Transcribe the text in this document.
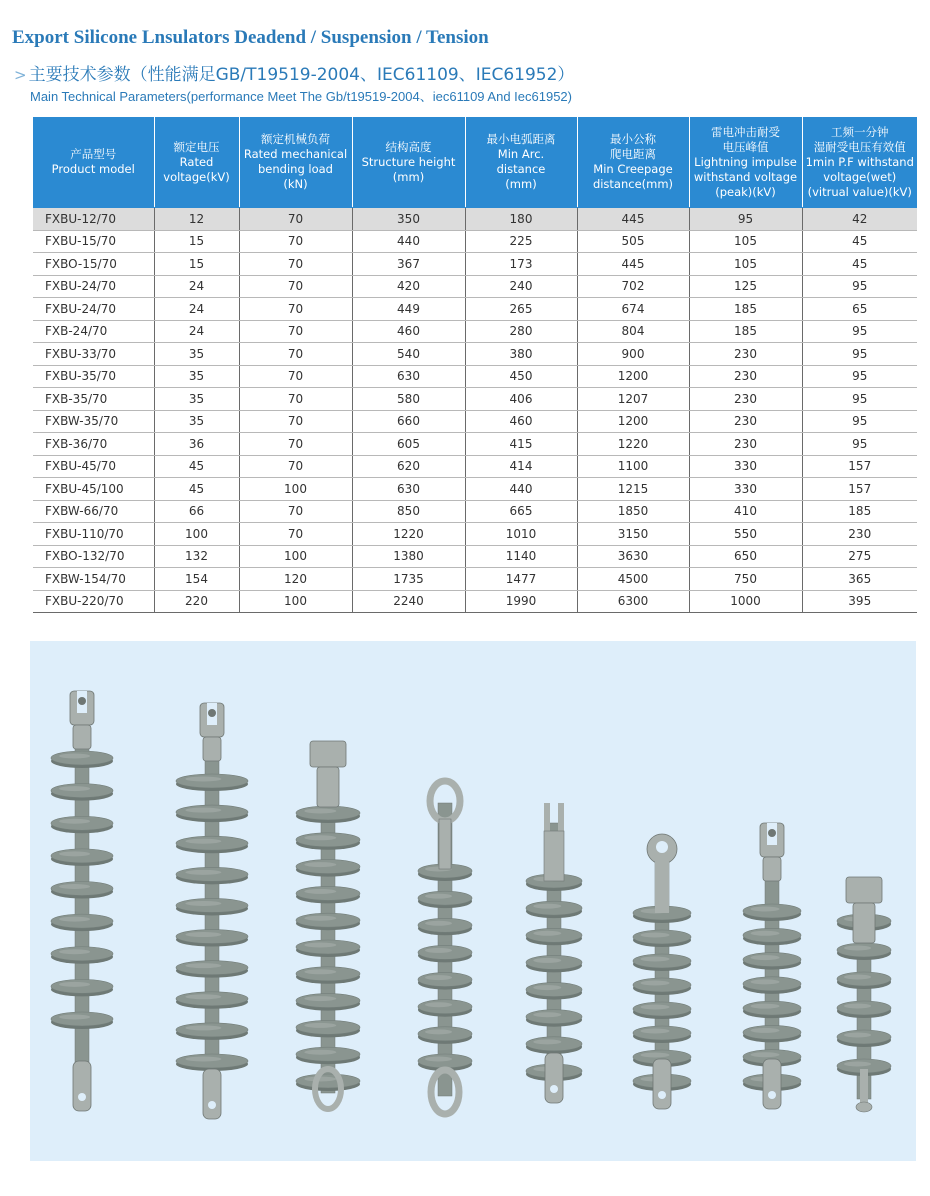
Export Silicone Lnsulators Deadend / Suspension / Tension
> 主要技术参数（性能满足GB/T19519-2004、IEC61109、IEC61952）
Main Technical Parameters(performance Meet The Gb/t19519-2004、iec61109 And Iec61952)
产品型号
Product model	额定电压
Rated
voltage(kV)	额定机械负荷
Rated mechanical
bending load
(kN)	结构高度
Structure height
(mm)	最小电弧距离
Min Arc.
distance
(mm)	最小公称
爬电距离
Min Creepage
distance(mm)	雷电冲击耐受
电压峰值
Lightning impulse
withstand voltage
(peak)(kV)	工频一分钟
湿耐受电压有效值
1min P.F withstand
voltage(wet)
(vitrual value)(kV)

FXBU-12/70	12	70	350	180	445	95	42
FXBU-15/70	15	70	440	225	505	105	45
FXBO-15/70	15	70	367	173	445	105	45
FXBU-24/70	24	70	420	240	702	125	95
FXBU-24/70	24	70	449	265	674	185	65
FXB-24/70	24	70	460	280	804	185	95
FXBU-33/70	35	70	540	380	900	230	95
FXBU-35/70	35	70	630	450	1200	230	95
FXB-35/70	35	70	580	406	1207	230	95
FXBW-35/70	35	70	660	460	1200	230	95
FXB-36/70	36	70	605	415	1220	230	95
FXBU-45/70	45	70	620	414	1100	330	157
FXBU-45/100	45	100	630	440	1215	330	157
FXBW-66/70	66	70	850	665	1850	410	185
FXBU-110/70	100	70	1220	1010	3150	550	230
FXBO-132/70	132	100	1380	1140	3630	650	275
FXBW-154/70	154	120	1735	1477	4500	750	365
FXBU-220/70	220	100	2240	1990	6300	1000	395
